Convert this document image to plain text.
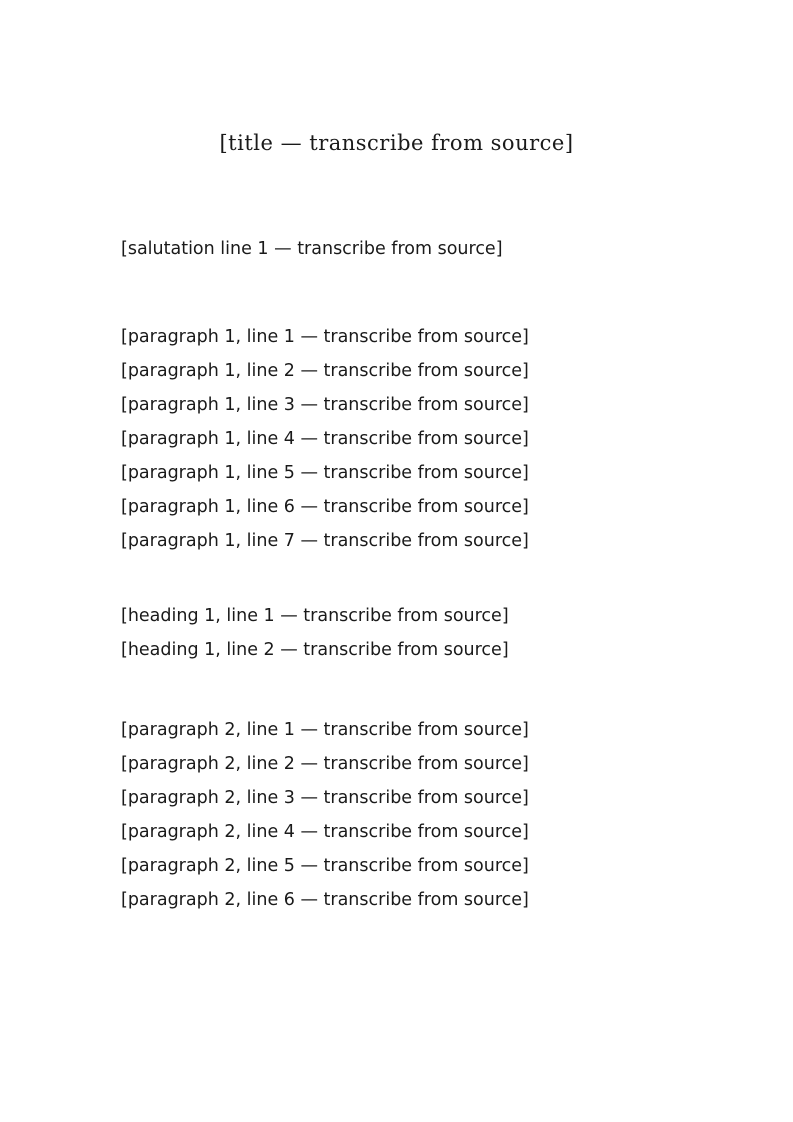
[title — transcribe from source]
[salutation line 1 — transcribe from source]
[paragraph 1, line 1 — transcribe from source]
[paragraph 1, line 2 — transcribe from source]
[paragraph 1, line 3 — transcribe from source]
[paragraph 1, line 4 — transcribe from source]
[paragraph 1, line 5 — transcribe from source]
[paragraph 1, line 6 — transcribe from source]
[paragraph 1, line 7 — transcribe from source]
[heading 1, line 1 — transcribe from source]
[heading 1, line 2 — transcribe from source]
[paragraph 2, line 1 — transcribe from source]
[paragraph 2, line 2 — transcribe from source]
[paragraph 2, line 3 — transcribe from source]
[paragraph 2, line 4 — transcribe from source]
[paragraph 2, line 5 — transcribe from source]
[paragraph 2, line 6 — transcribe from source]
